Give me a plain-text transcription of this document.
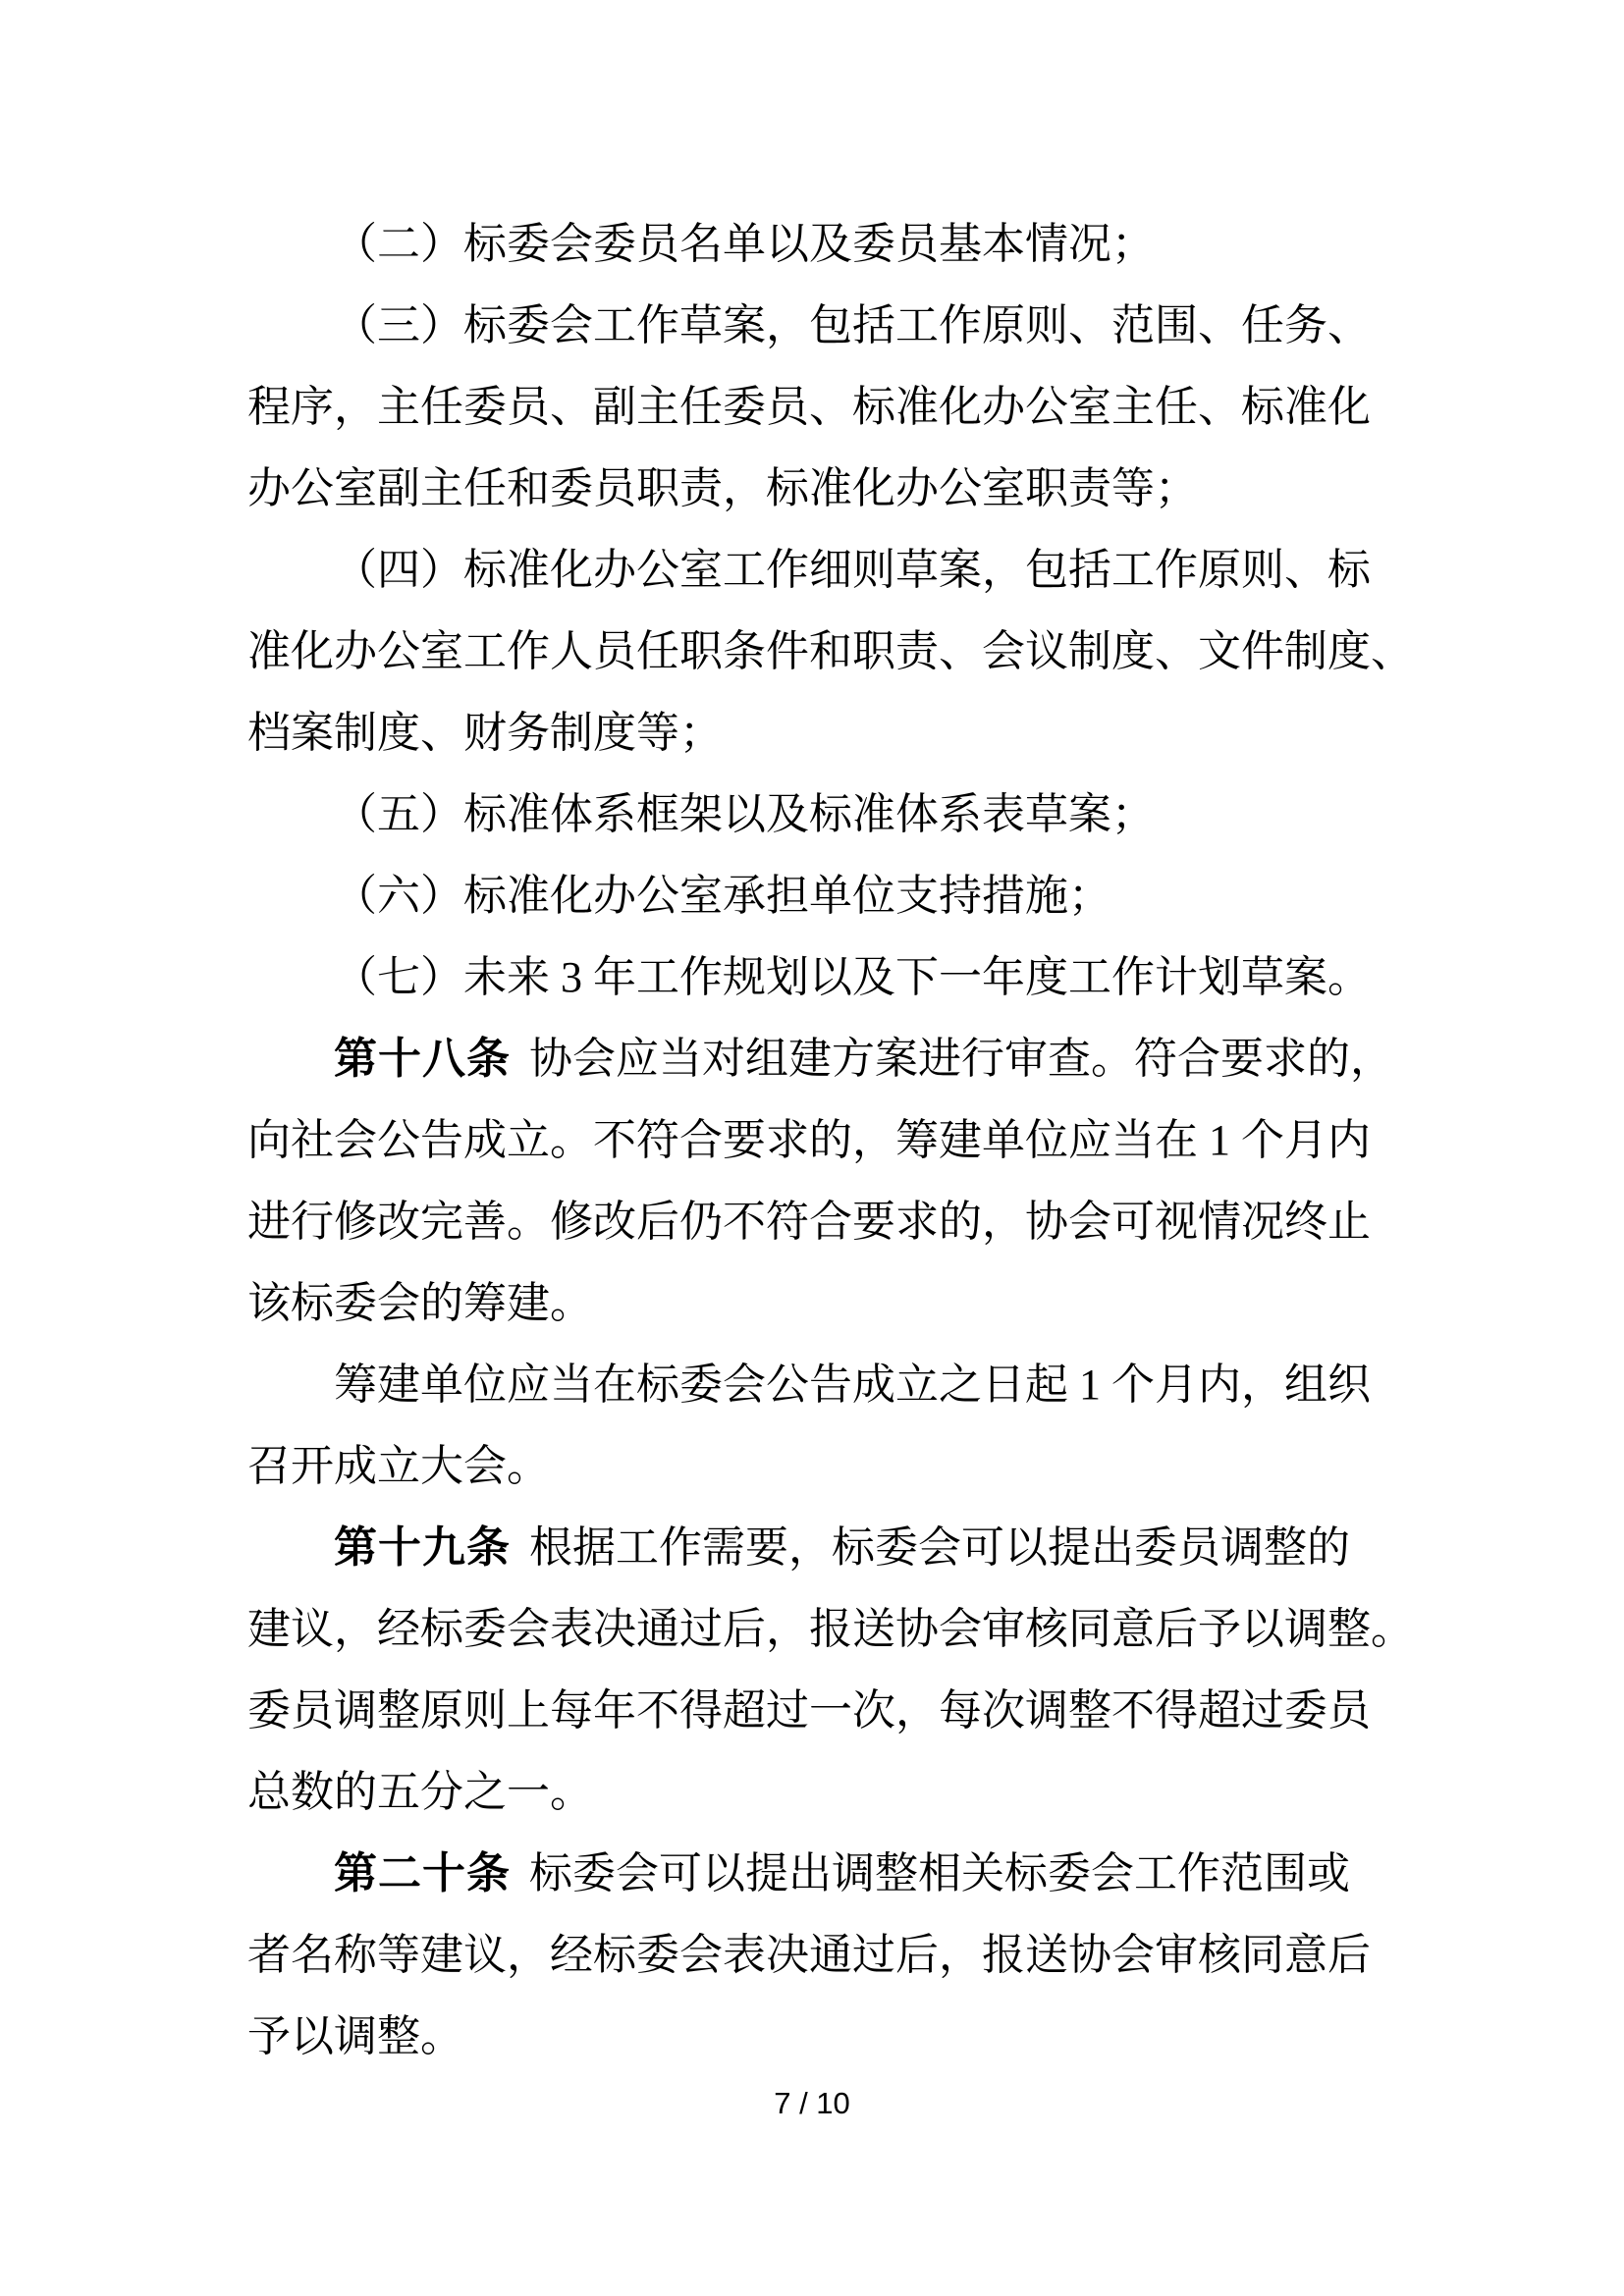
（二）标委会委员名单以及委员基本情况；
（三）标委会工作草案，包括工作原则、范围、任务、
程序，主任委员、副主任委员、标准化办公室主任、标准化
办公室副主任和委员职责，标准化办公室职责等；
（四）标准化办公室工作细则草案，包括工作原则、标
准化办公室工作人员任职条件和职责、会议制度、文件制度、
档案制度、财务制度等；
（五）标准体系框架以及标准体系表草案；
（六）标准化办公室承担单位支持措施；
（七）未来 3 年工作规划以及下一年度工作计划草案。
第十八条 协会应当对组建方案进行审查。符合要求的，
向社会公告成立。不符合要求的，筹建单位应当在 1 个月内
进行修改完善。修改后仍不符合要求的，协会可视情况终止
该标委会的筹建。
筹建单位应当在标委会公告成立之日起 1 个月内，组织
召开成立大会。
第十九条 根据工作需要，标委会可以提出委员调整的
建议，经标委会表决通过后，报送协会审核同意后予以调整。
委员调整原则上每年不得超过一次，每次调整不得超过委员
总数的五分之一。
第二十条 标委会可以提出调整相关标委会工作范围或
者名称等建议，经标委会表决通过后，报送协会审核同意后
予以调整。
7 / 10
